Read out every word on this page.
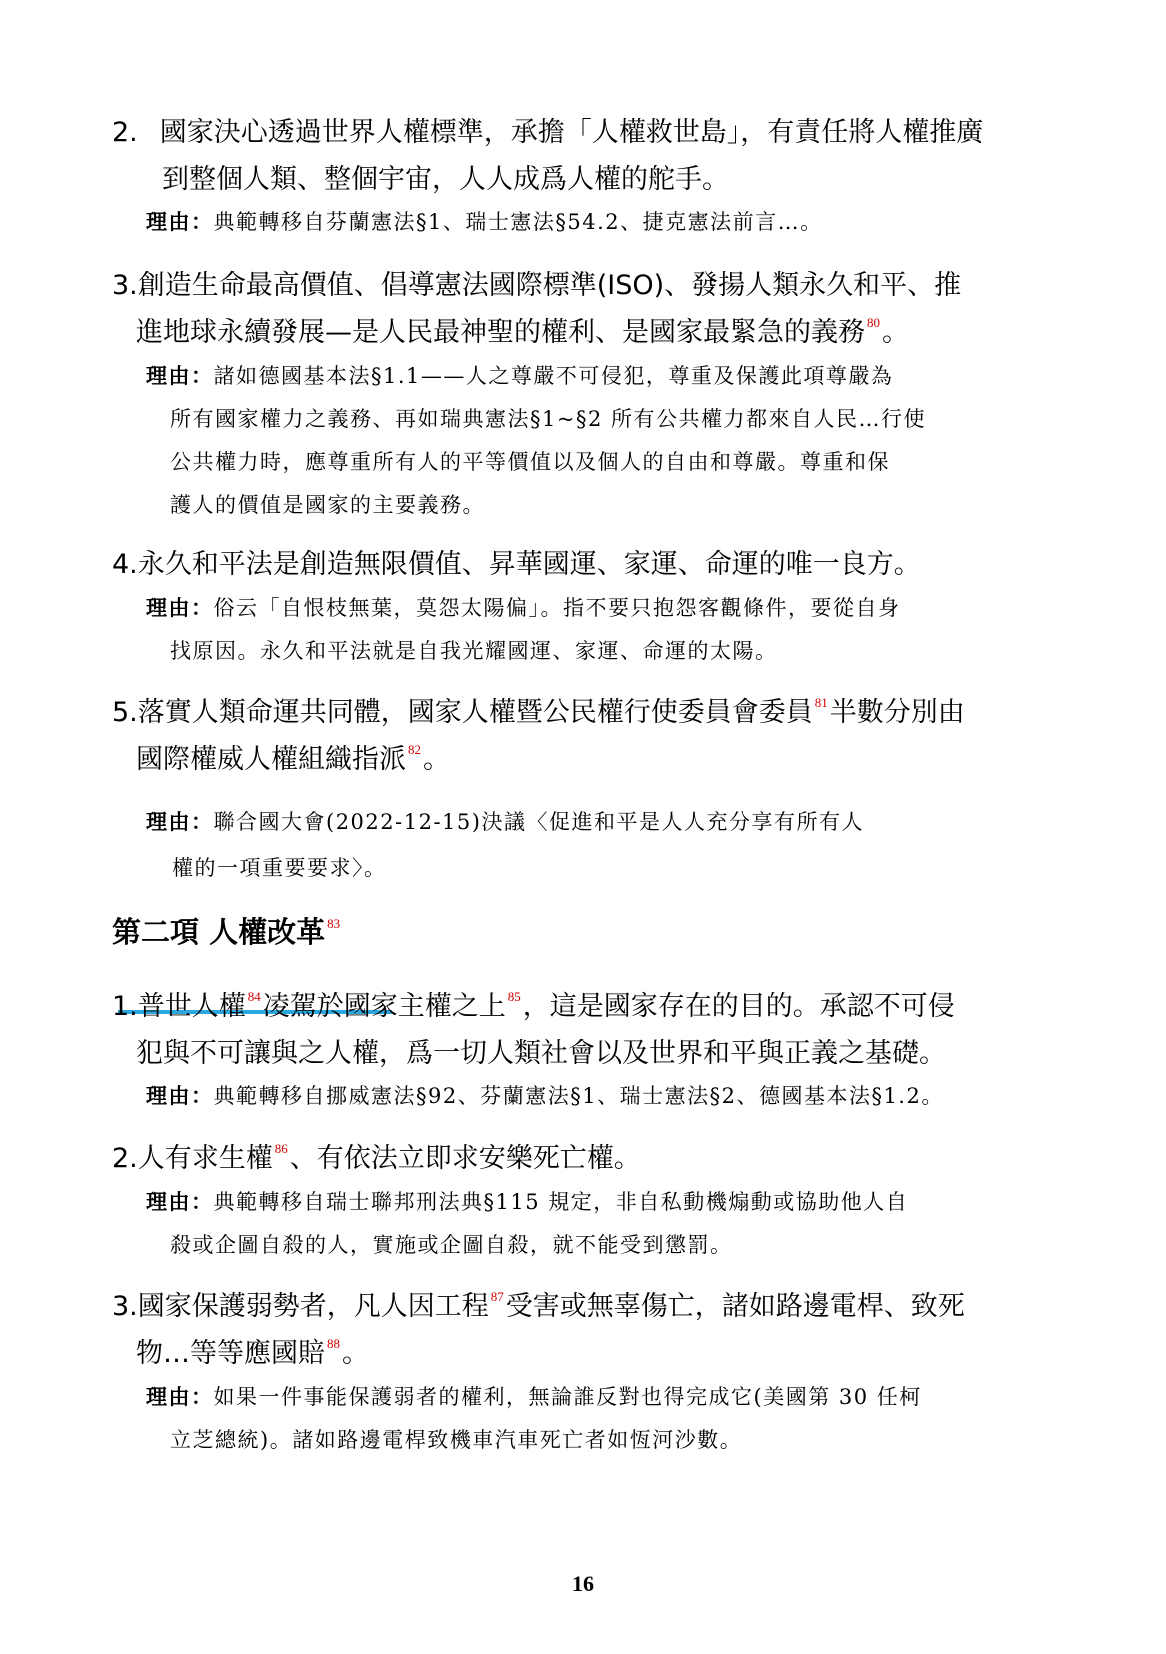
2. 國家決心透過世界人權標準，承擔「人權救世島」，有責任將人權推廣
到整個人類、整個宇宙，人人成爲人權的舵手。
理由：典範轉移自芬蘭憲法§1、瑞士憲法§54.2、捷克憲法前言…。
3.創造生命最高價值、倡導憲法國際標準(ISO)、發揚人類永久和平、推
進地球永續發展—是人民最神聖的權利、是國家最緊急的義務 $^{80}$。
理由：諸如德國基本法§1.1——人之尊嚴不可侵犯，尊重及保護此項尊嚴為
所有國家權力之義務、再如瑞典憲法§1~§2 所有公共權力都來自人民…行使
公共權力時，應尊重所有人的平等價值以及個人的自由和尊嚴。尊重和保
護人的價值是國家的主要義務。
4.永久和平法是創造無限價值、昇華國運、家運、命運的唯一良方。
理由：俗云「自恨枝無葉，莫怨太陽偏」。指不要只抱怨客觀條件，要從自身
找原因。永久和平法就是自我光耀國運、家運、命運的太陽。
5.落實人類命運共同體，國家人權暨公民權行使委員會委員 $^{81}$半數分別由
國際權威人權組織指派 $^{82}$。
理由：聯合國大會(2022-12-15)決議〈促進和平是人人充分享有所有人
權的一項重要要求〉。
第二項 人權改革 $^{83}$
1.普世人權 $^{84}$凌駕於國家主權之上 $^{85}$，這是國家存在的目的。承認不可侵
犯與不可讓與之人權，爲一切人類社會以及世界和平與正義之基礎。
理由：典範轉移自挪威憲法§92、芬蘭憲法§1、瑞士憲法§2、德國基本法§1.2。
2.人有求生權 $^{86}$、有依法立即求安樂死亡權。
理由：典範轉移自瑞士聯邦刑法典§115 規定，非自私動機煽動或協助他人自
殺或企圖自殺的人，實施或企圖自殺，就不能受到懲罰。
3.國家保護弱勢者，凡人因工程 $^{87}$受害或無辜傷亡，諸如路邊電桿、致死
物…等等應國賠 $^{88}$。
理由：如果一件事能保護弱者的權利，無論誰反對也得完成它(美國第 30 任柯
立芝總統)。諸如路邊電桿致機車汽車死亡者如恆河沙數。
16
